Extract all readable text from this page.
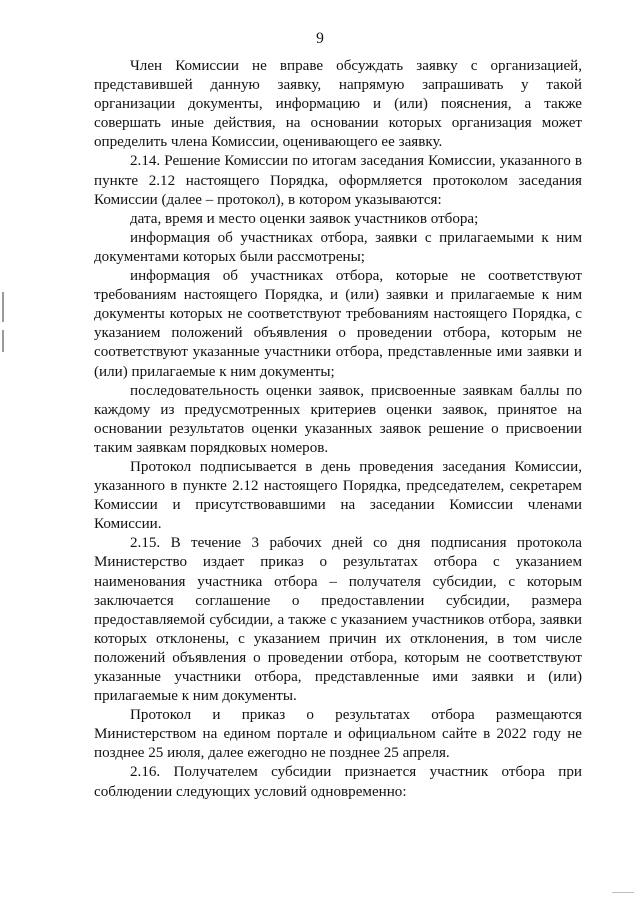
9

Член Комиссии не вправе обсуждать заявку с организацией, представившей данную заявку, напрямую запрашивать у такой организации документы, информацию и (или) пояснения, а также совершать иные действия, на основании которых организация может определить члена Комиссии, оценивающего ее заявку.

2.14. Решение Комиссии по итогам заседания Комиссии, указанного в пункте 2.12 настоящего Порядка, оформляется протоколом заседания Комиссии (далее – протокол), в котором указываются:

дата, время и место оценки заявок участников отбора;

информация об участниках отбора, заявки с прилагаемыми к ним документами которых были рассмотрены;

информация об участниках отбора, которые не соответствуют требованиям настоящего Порядка, и (или) заявки и прилагаемые к ним документы которых не соответствуют требованиям настоящего Порядка, с указанием положений объявления о проведении отбора, которым не соответствуют указанные участники отбора, представленные ими заявки и (или) прилагаемые к ним документы;

последовательность оценки заявок, присвоенные заявкам баллы по каждому из предусмотренных критериев оценки заявок, принятое на основании результатов оценки указанных заявок решение о присвоении таким заявкам порядковых номеров.

Протокол подписывается в день проведения заседания Комиссии, указанного в пункте 2.12 настоящего Порядка, председателем, секретарем Комиссии и присутствовавшими на заседании Комиссии членами Комиссии.

2.15. В течение 3 рабочих дней со дня подписания протокола Министерство издает приказ о результатах отбора с указанием наименования участника отбора – получателя субсидии, с которым заключается соглашение о предоставлении субсидии, размера предоставляемой субсидии, а также с указанием участников отбора, заявки которых отклонены, с указанием причин их отклонения, в том числе положений объявления о проведении отбора, которым не соответствуют указанные участники отбора, представленные ими заявки и (или) прилагаемые к ним документы.

Протокол и приказ о результатах отбора размещаются Министерством на едином портале и официальном сайте в 2022 году не позднее 25 июля, далее ежегодно не позднее 25 апреля.

2.16. Получателем субсидии признается участник отбора при соблюдении следующих условий одновременно:
